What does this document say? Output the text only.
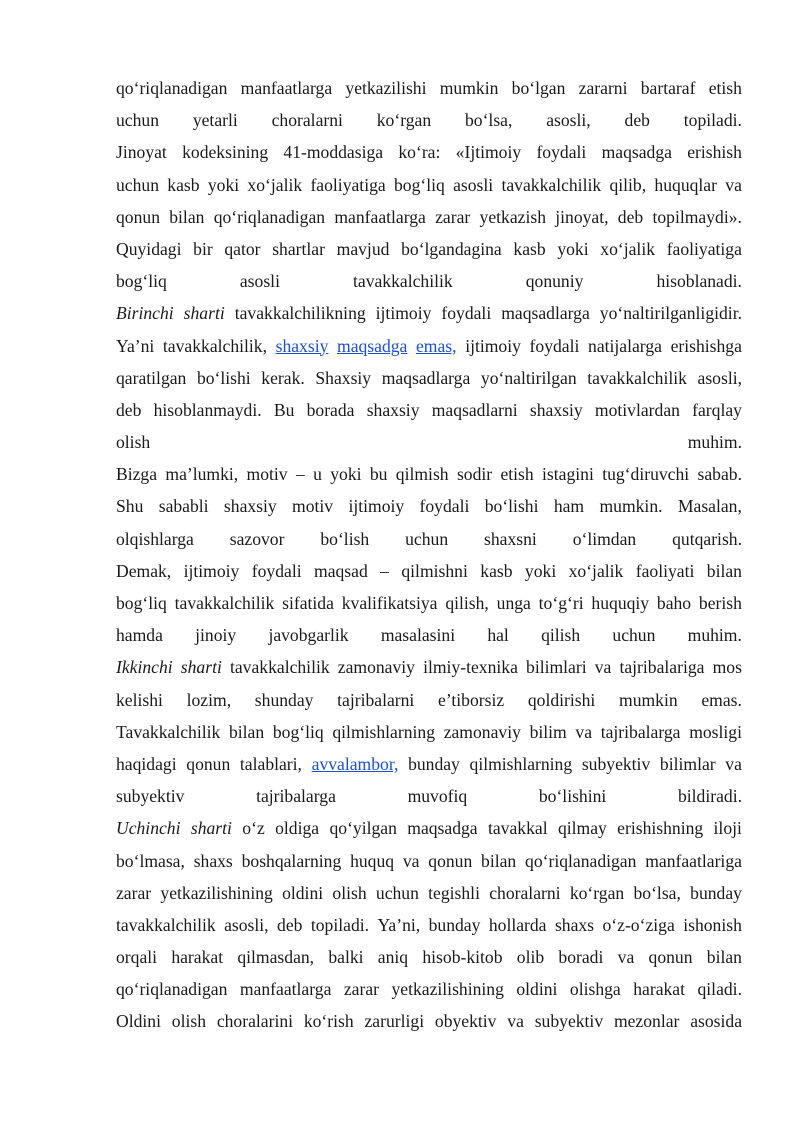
qo‘riqlanadigan manfaatlarga yetkazilishi mumkin bo‘lgan zararni bartaraf etish
uchun yetarli choralarni ko‘rgan bo‘lsa, asosli, deb topiladi.
Jinoyat kodeksining 41-moddasiga ko‘ra: «Ijtimoiy foydali maqsadga erishish
uchun kasb yoki xo‘jalik faoliyatiga bog‘liq asosli tavakkalchilik qilib, huquqlar va
qonun bilan qo‘riqlanadigan manfaatlarga zarar yetkazish jinoyat, deb topilmaydi».
Quyidagi bir qator shartlar mavjud bo‘lgandagina kasb yoki xo‘jalik faoliyatiga
bog‘liq	asosli	tavakkalchilik	qonuniy	hisoblanadi.
Birinchi sharti tavakkalchilikning ijtimoiy foydali maqsadlarga yo‘naltirilganligidir.
Ya’ni tavakkalchilik, shaxsiy maqsadga emas, ijtimoiy foydali natijalarga erishishga
qaratilgan bo‘lishi kerak. Shaxsiy maqsadlarga yo‘naltirilgan tavakkalchilik asosli,
deb hisoblanmaydi. Bu borada shaxsiy maqsadlarni shaxsiy motivlardan farqlay
olish	muhim.
Bizga ma’lumki, motiv – u yoki bu qilmish sodir etish istagini tug‘diruvchi sabab.
Shu sababli shaxsiy motiv ijtimoiy foydali bo‘lishi ham mumkin. Masalan,
olqishlarga sazovor bo‘lish uchun shaxsni o‘limdan qutqarish.
Demak, ijtimoiy foydali maqsad – qilmishni kasb yoki xo‘jalik faoliyati bilan
bog‘liq tavakkalchilik sifatida kvalifikatsiya qilish, unga to‘g‘ri huquqiy baho berish
hamda jinoiy javobgarlik masalasini hal qilish uchun muhim.
Ikkinchi sharti tavakkalchilik zamonaviy ilmiy-texnika bilimlari va tajribalariga mos
kelishi lozim, shunday tajribalarni e’tiborsiz qoldirishi mumkin emas.
Tavakkalchilik bilan bog‘liq qilmishlarning zamonaviy bilim va tajribalarga mosligi
haqidagi qonun talablari, avvalambor, bunday qilmishlarning subyektiv bilimlar va
subyektiv	tajribalarga	muvofiq	bo‘lishini	bildiradi.
Uchinchi sharti o‘z oldiga qo‘yilgan maqsadga tavakkal qilmay erishishning iloji
bo‘lmasa, shaxs boshqalarning huquq va qonun bilan qo‘riqlanadigan manfaatlariga
zarar yetkazilishining oldini olish uchun tegishli choralarni ko‘rgan bo‘lsa, bunday
tavakkalchilik asosli, deb topiladi. Ya’ni, bunday hollarda shaxs o‘z-o‘ziga ishonish
orqali harakat qilmasdan, balki aniq hisob-kitob olib boradi va qonun bilan
qo‘riqlanadigan manfaatlarga zarar yetkazilishining oldini olishga harakat qiladi.
Oldini olish choralarini ko‘rish zarurligi obyektiv va subyektiv mezonlar asosida
